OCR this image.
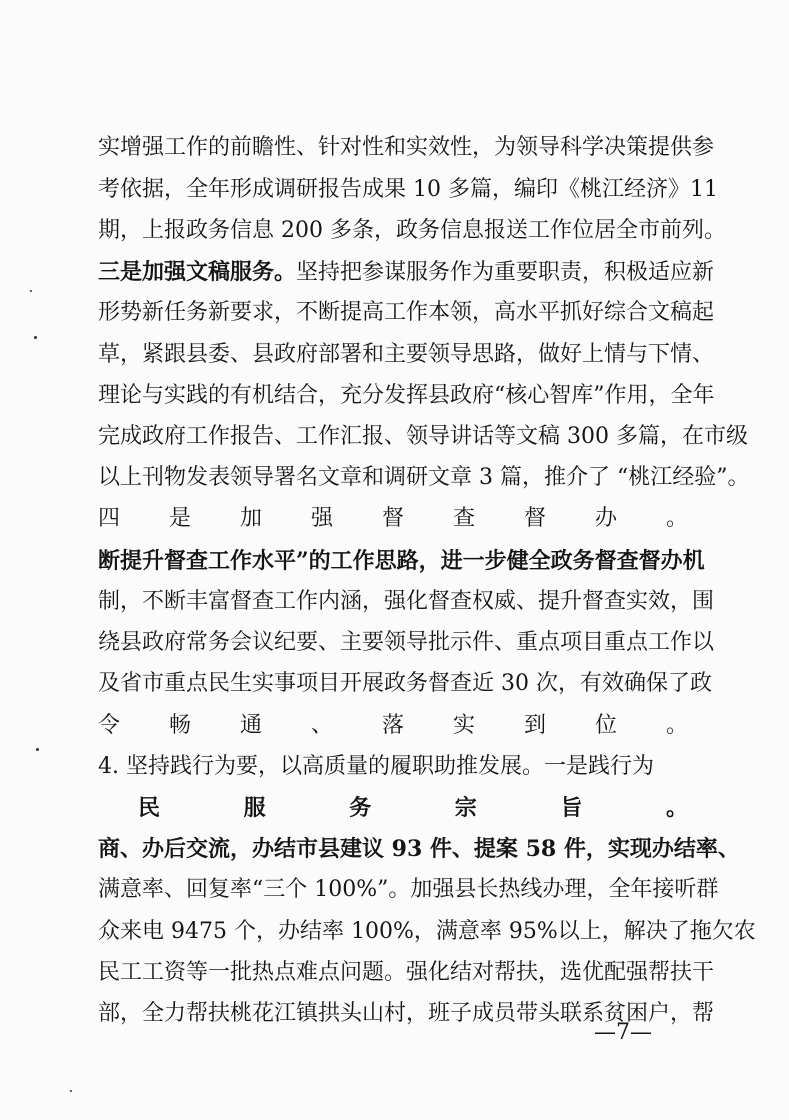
实增强工作的前瞻性、针对性和实效性，为领导科学决策提供参
考依据，全年形成调研报告成果 10 多篇，编印《桃江经济》11
期，上报政务信息 200 多条，政务信息报送工作位居全市前列。
三是加强文稿服务。坚持把参谋服务作为重要职责，积极适应新
形势新任务新要求，不断提高工作本领，高水平抓好综合文稿起
草，紧跟县委、县政府部署和主要领导思路，做好上情与下情、
理论与实践的有机结合，充分发挥县政府“核心智库”作用，全年
完成政府工作报告、工作汇报、领导讲话等文稿 300 多篇，在市级
以上刊物发表领导署名文章和调研文章 3 篇，推介了 “桃江经验”。
四是加强督查督办。
断提升督查工作水平”的工作思路，进一步健全政务督查督办机
制，不断丰富督查工作内涵，强化督查权威、提升督查实效，围
绕县政府常务会议纪要、主要领导批示件、重点项目重点工作以
及省市重点民生实事项目开展政务督查近 30 次，有效确保了政
令畅通、落实到位。
4. 坚持践行为要，以高质量的履职助推发展。一是践行为
民服务宗旨。
商、办后交流，办结市县建议 93 件、提案 58 件，实现办结率、
满意率、回复率“三个 100%”。加强县长热线办理，全年接听群
众来电 9475 个，办结率 100%，满意率 95%以上，解决了拖欠农
民工工资等一批热点难点问题。强化结对帮扶，选优配强帮扶干
部，全力帮扶桃花江镇拱头山村，班子成员带头联系贫困户，帮
—7—
